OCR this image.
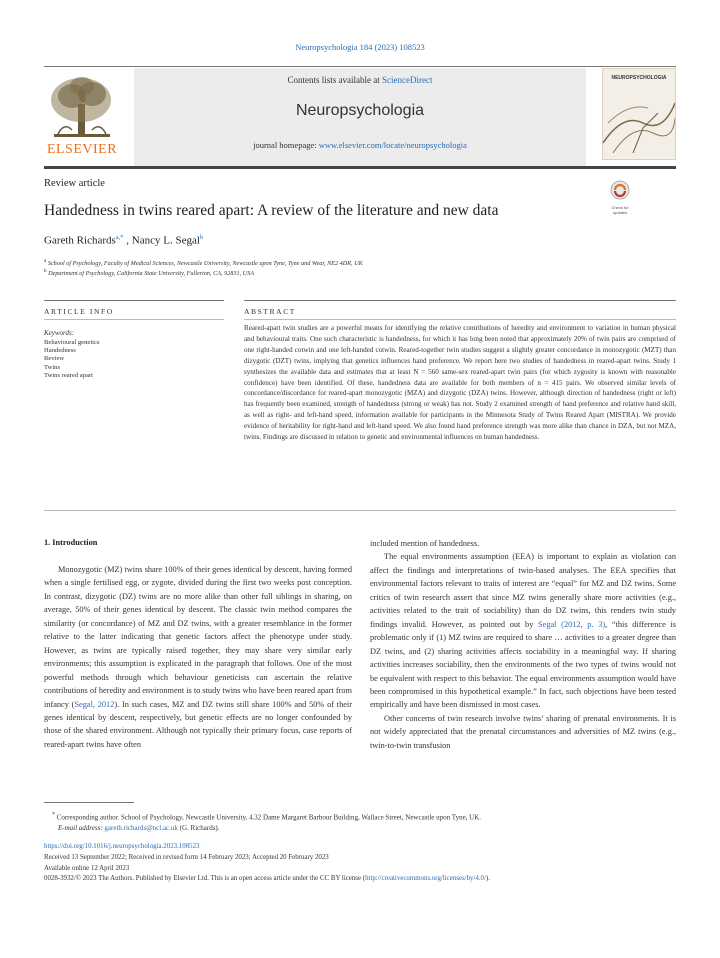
Neuropsychologia 184 (2023) 108523
ELSEVIER
Contents lists available at ScienceDirect
Neuropsychologia
journal homepage: www.elsevier.com/locate/neuropsychologia
NEUROPSYCHOLOGIA
Review article
Handedness in twins reared apart: A review of the literature and new data	Check for updates
Gareth Richards$^{a,*}$ , Nancy L. Segal$^b$
$^a$ School of Psychology, Faculty of Medical Sciences, Newcastle University, Newcastle upon Tyne, Tyne and Wear, NE2 4DR, UK
$^b$ Department of Psychology, California State University, Fullerton, CA, 92831, USA
ARTICLE INFO	ABSTRACT
Keywords:
Behavioural genetics
Handedness
Review
Twins
Twins reared apart
Reared-apart twin studies are a powerful means for identifying the relative contributions of heredity and environment to variation in human physical and behavioural traits. One such characteristic is handedness, for which it has long been noted that approximately 20% of twin pairs are comprised of one right-handed cotwin and one left-handed cotwin. Reared-together twin studies suggest a slightly greater concordance in monozygotic (MZT) than dizygotic (DZT) twins, implying that genetics influences hand preference. We report here two studies of handedness in reared-apart twins. Study 1 synthesizes the available data and estimates that at least N = 560 same-sex reared-apart twin pairs (for which zygosity is known with reasonable confidence) have been identified. Of these, handedness data are available for both members of n = 415 pairs. We observed similar levels of concordance/discordance for reared-apart monozygotic (MZA) and dizygotic (DZA) twins. However, although direction of handedness (right or left) has frequently been examined, strength of handedness (strong or weak) has not. Study 2 examined strength of hand preference and relative hand skill, as well as right- and left-hand speed, information available for participants in the Minnesota Study of Twins Reared Apart (MISTRA). We provide evidence of heritability for right-hand and left-hand speed. We also found hand preference strength was more alike than chance in DZA, but not MZA, twins. Findings are discussed in relation to genetic and environmental influences on human handedness.
1. Introduction

Monozygotic (MZ) twins share 100% of their genes identical by descent, having formed when a single fertilised egg, or zygote, divided during the first two weeks post conception. In contrast, dizygotic (DZ) twins are no more alike than other full siblings in sharing, on average, 50% of their genes identical by descent. The classic twin method compares the similarity (or concordance) of MZ and DZ twins, with a greater resemblance in the former relative to the latter indicating that genetic factors affect the phenotype under study. However, as twins are typically raised together, they may share very similar early environments; this assumption is explicated in the paragraph that follows. One of the most powerful methods through which behaviour geneticists can ascertain the relative contributions of heredity and environment is to study twins who have been reared apart from infancy (Segal, 2012). In such cases, MZ and DZ twins still share 100% and 50% of their genes identical by descent, respectively, but genetic effects are no longer confounded by those of the shared environment. Although not typically their primary focus, case reports of reared-apart twins have often

included mention of handedness.

The equal environments assumption (EEA) is important to explain as violation can affect the findings and interpretations of twin-based analyses. The EEA specifies that environmental factors relevant to traits of interest are “equal” for MZ and DZ twins. Some critics of twin research assert that since MZ twins generally share more activities (e.g., activities related to the trait of sociability) than do DZ twins, this renders twin study findings invalid. However, as pointed out by Segal (2012, p. 3), “this difference is problematic only if (1) MZ twins are required to share … activities to a greater degree than DZ twins, and (2) sharing activities affects sociability in a meaningful way. If sharing activities increases sociability, then the environments of the two types of twins would not be equivalent with respect to this behavior. The equal environments assumption would have been compromised in this hypothetical example.” In fact, such objections have been tested empirically and have been dismissed in most cases.

Other concerns of twin research involve twins’ sharing of prenatal environments. It is not widely appreciated that the prenatal circumstances and adversities of MZ twins (e.g., twin-to-twin transfusion

* Corresponding author. School of Psychology, Newcastle University, 4.32 Dame Margaret Barbour Building, Wallace Street, Newcastle upon Tyne, UK.
E-mail address: gareth.richards@ncl.ac.uk (G. Richards).
https://doi.org/10.1016/j.neuropsychologia.2023.108523
Received 13 September 2022; Received in revised form 14 February 2023; Accepted 20 February 2023
Available online 12 April 2023
0028-3932/© 2023 The Authors. Published by Elsevier Ltd. This is an open access article under the CC BY license (http://creativecommons.org/licenses/by/4.0/).
